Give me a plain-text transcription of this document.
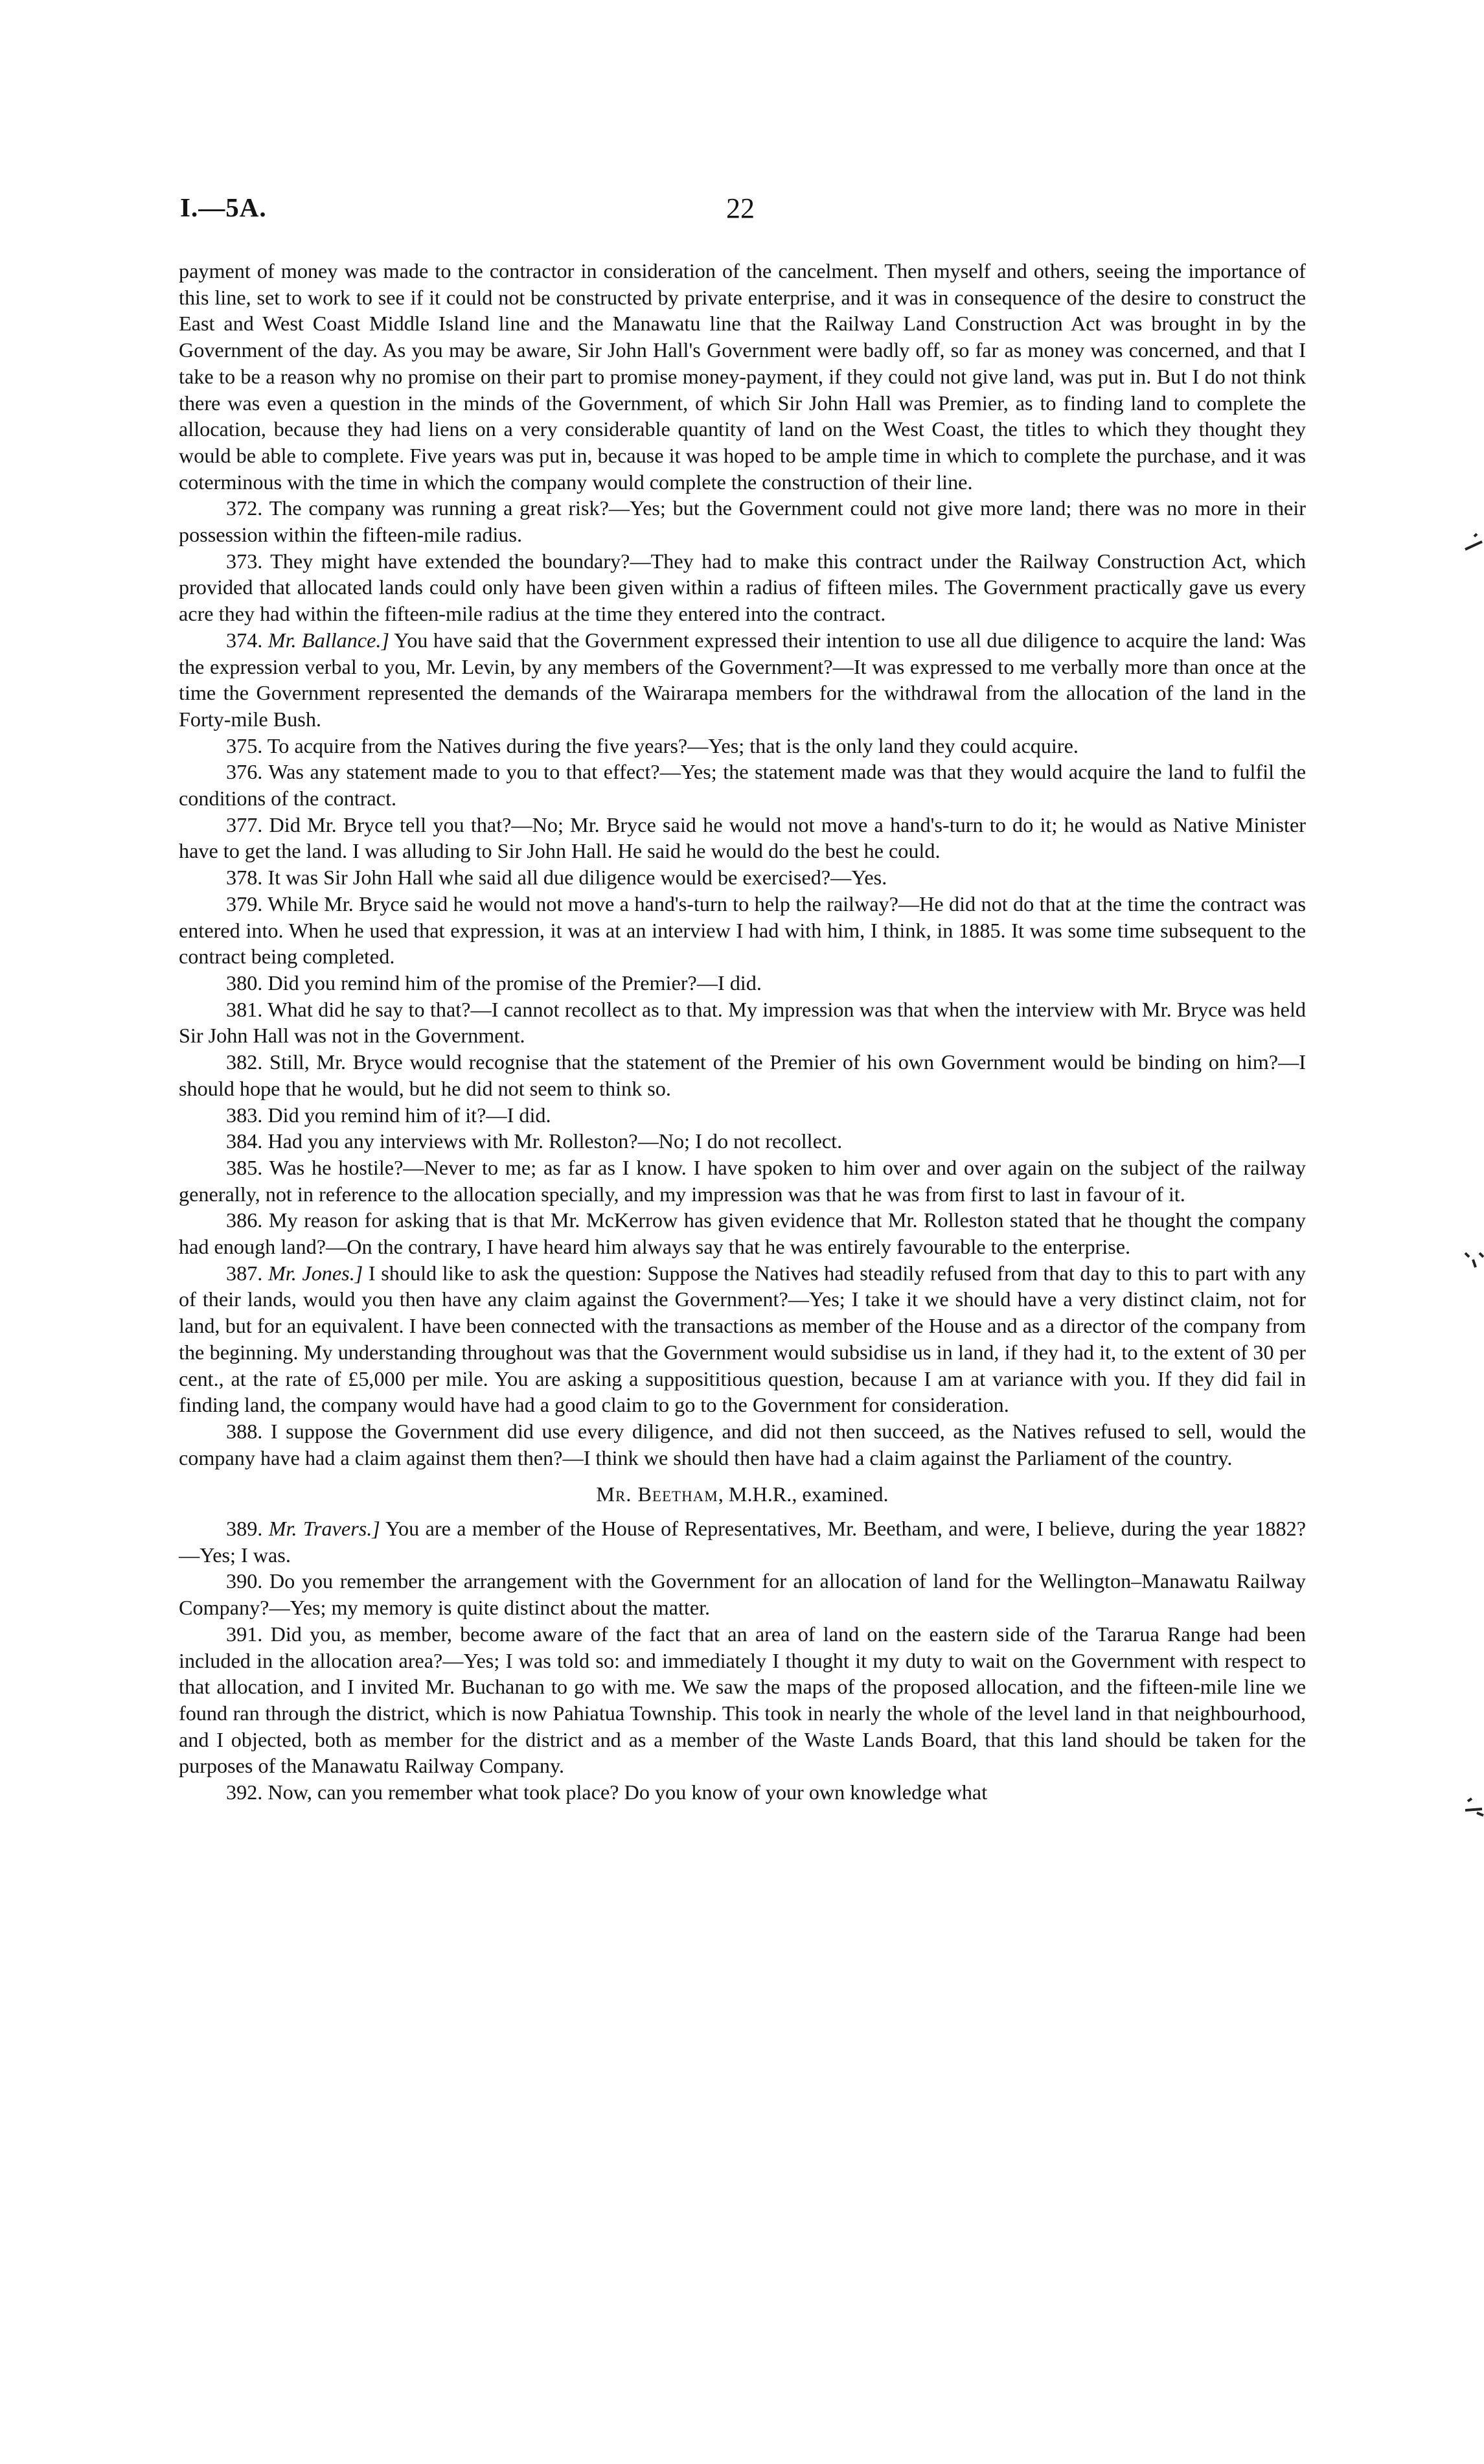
I.—5A.	22

payment of money was made to the contractor in consideration of the cancelment. Then myself and others, seeing the importance of this line, set to work to see if it could not be constructed by private enterprise, and it was in consequence of the desire to construct the East and West Coast Middle Island line and the Manawatu line that the Railway Land Construction Act was brought in by the Government of the day. As you may be aware, Sir John Hall's Government were badly off, so far as money was concerned, and that I take to be a reason why no promise on their part to promise money-payment, if they could not give land, was put in. But I do not think there was even a question in the minds of the Government, of which Sir John Hall was Premier, as to finding land to complete the allocation, because they had liens on a very considerable quantity of land on the West Coast, the titles to which they thought they would be able to complete. Five years was put in, because it was hoped to be ample time in which to complete the purchase, and it was coterminous with the time in which the company would complete the construction of their line.

372. The company was running a great risk?—Yes; but the Government could not give more land; there was no more in their possession within the fifteen-mile radius.

373. They might have extended the boundary?—They had to make this contract under the Railway Construction Act, which provided that allocated lands could only have been given within a radius of fifteen miles. The Government practically gave us every acre they had within the fifteen-mile radius at the time they entered into the contract.

374. Mr. Ballance.] You have said that the Government expressed their intention to use all due diligence to acquire the land: Was the expression verbal to you, Mr. Levin, by any members of the Government?—It was expressed to me verbally more than once at the time the Government represented the demands of the Wairarapa members for the withdrawal from the allocation of the land in the Forty-mile Bush.

375. To acquire from the Natives during the five years?—Yes; that is the only land they could acquire.

376. Was any statement made to you to that effect?—Yes; the statement made was that they would acquire the land to fulfil the conditions of the contract.

377. Did Mr. Bryce tell you that?—No; Mr. Bryce said he would not move a hand's-turn to do it; he would as Native Minister have to get the land. I was alluding to Sir John Hall. He said he would do the best he could.

378. It was Sir John Hall whe said all due diligence would be exercised?—Yes.

379. While Mr. Bryce said he would not move a hand's-turn to help the railway?—He did not do that at the time the contract was entered into. When he used that expression, it was at an interview I had with him, I think, in 1885. It was some time subsequent to the contract being completed.

380. Did you remind him of the promise of the Premier?—I did.

381. What did he say to that?—I cannot recollect as to that. My impression was that when the interview with Mr. Bryce was held Sir John Hall was not in the Government.

382. Still, Mr. Bryce would recognise that the statement of the Premier of his own Government would be binding on him?—I should hope that he would, but he did not seem to think so.

383. Did you remind him of it?—I did.

384. Had you any interviews with Mr. Rolleston?—No; I do not recollect.

385. Was he hostile?—Never to me; as far as I know. I have spoken to him over and over again on the subject of the railway generally, not in reference to the allocation specially, and my impression was that he was from first to last in favour of it.

386. My reason for asking that is that Mr. McKerrow has given evidence that Mr. Rolleston stated that he thought the company had enough land?—On the contrary, I have heard him always say that he was entirely favourable to the enterprise.

387. Mr. Jones.] I should like to ask the question: Suppose the Natives had steadily refused from that day to this to part with any of their lands, would you then have any claim against the Government?—Yes; I take it we should have a very distinct claim, not for land, but for an equivalent. I have been connected with the transactions as member of the House and as a director of the company from the beginning. My understanding throughout was that the Government would subsidise us in land, if they had it, to the extent of 30 per cent., at the rate of £5,000 per mile. You are asking a supposititious question, because I am at variance with you. If they did fail in finding land, the company would have had a good claim to go to the Government for consideration.

388. I suppose the Government did use every diligence, and did not then succeed, as the Natives refused to sell, would the company have had a claim against them then?—I think we should then have had a claim against the Parliament of the country.

Mr. Beetham, M.H.R., examined.

389. Mr. Travers.] You are a member of the House of Representatives, Mr. Beetham, and were, I believe, during the year 1882?—Yes; I was.

390. Do you remember the arrangement with the Government for an allocation of land for the Wellington–Manawatu Railway Company?—Yes; my memory is quite distinct about the matter.

391. Did you, as member, become aware of the fact that an area of land on the eastern side of the Tararua Range had been included in the allocation area?—Yes; I was told so: and immediately I thought it my duty to wait on the Government with respect to that allocation, and I invited Mr. Buchanan to go with me. We saw the maps of the proposed allocation, and the fifteen-mile line we found ran through the district, which is now Pahiatua Township. This took in nearly the whole of the level land in that neighbourhood, and I objected, both as member for the district and as a member of the Waste Lands Board, that this land should be taken for the purposes of the Manawatu Railway Company.

392. Now, can you remember what took place? Do you know of your own knowledge what
